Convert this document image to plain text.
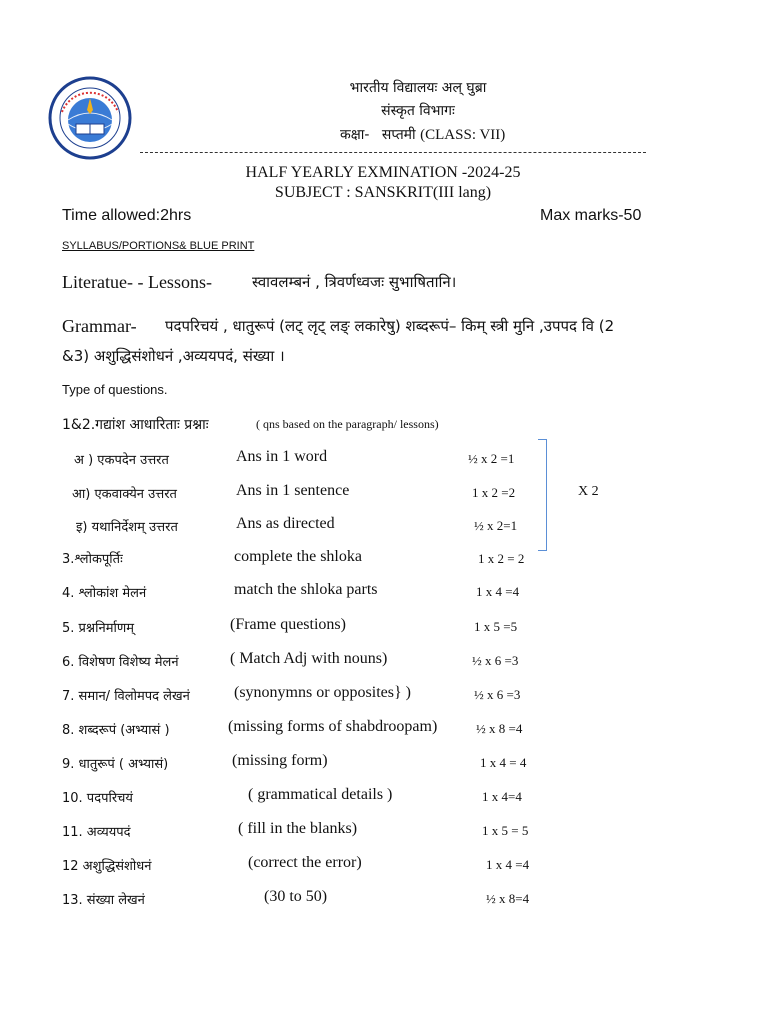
भारतीय विद्यालयः अल् घुब्रा
संस्कृत विभागः
कक्षा- सप्तमी (CLASS: VII)
HALF YEARLY EXMINATION -2024-25
SUBJECT : SANSKRIT(III lang)
Time allowed:2hrs	Max marks-50
SYLLABUS/PORTIONS& BLUE PRINT
Literatue- - Lessons-	स्वावलम्बनं , त्रिवर्णध्वजः सुभाषितानि।
Grammar- पदपरिचयं , धातुरूपं (लट् लृट् लङ् लकारेषु) शब्दरूपं– किम् स्त्री मुनि ,उपपद वि (2
&3) अशुद्धिसंशोधनं ,अव्ययपदं, संख्या ।
Type of questions.
1&2.गद्यांश आधारिताः प्रश्नाः	( qns based on the paragraph/ lessons)
अ ) एकपदेन उत्तरत	Ans in 1 word	½ x 2 =1
आ) एकवाक्येन उत्तरत	Ans in 1 sentence	1 x 2 =2
इ) यथानिर्देशम् उत्तरत	Ans as directed	½ x 2=1
X 2
3.श्लोकपूर्तिः	complete the shloka	1 x 2 = 2
4. श्लोकांश मेलनं	match the shloka parts	1 x 4 =4
5. प्रश्ननिर्माणम्	(Frame questions)	1 x 5 =5
6. विशेषण विशेष्य मेलनं	( Match Adj with nouns)	½ x 6 =3
7. समान/ विलोमपद लेखनं	(synonymns or opposites} )	½ x 6 =3
8. शब्दरूपं (अभ्यासं )	(missing forms of shabdroopam)	½ x 8 =4
9. धातुरूपं ( अभ्यासं)	(missing form)	1 x 4 = 4
10. पदपरिचयं	( grammatical details )	1 x 4=4
11. अव्ययपदं	( fill in the blanks)	1 x 5 = 5
12 अशुद्धिसंशोधनं	(correct the error)	1 x 4 =4
13. संख्या लेखनं	(30 to 50)	½ x 8=4
